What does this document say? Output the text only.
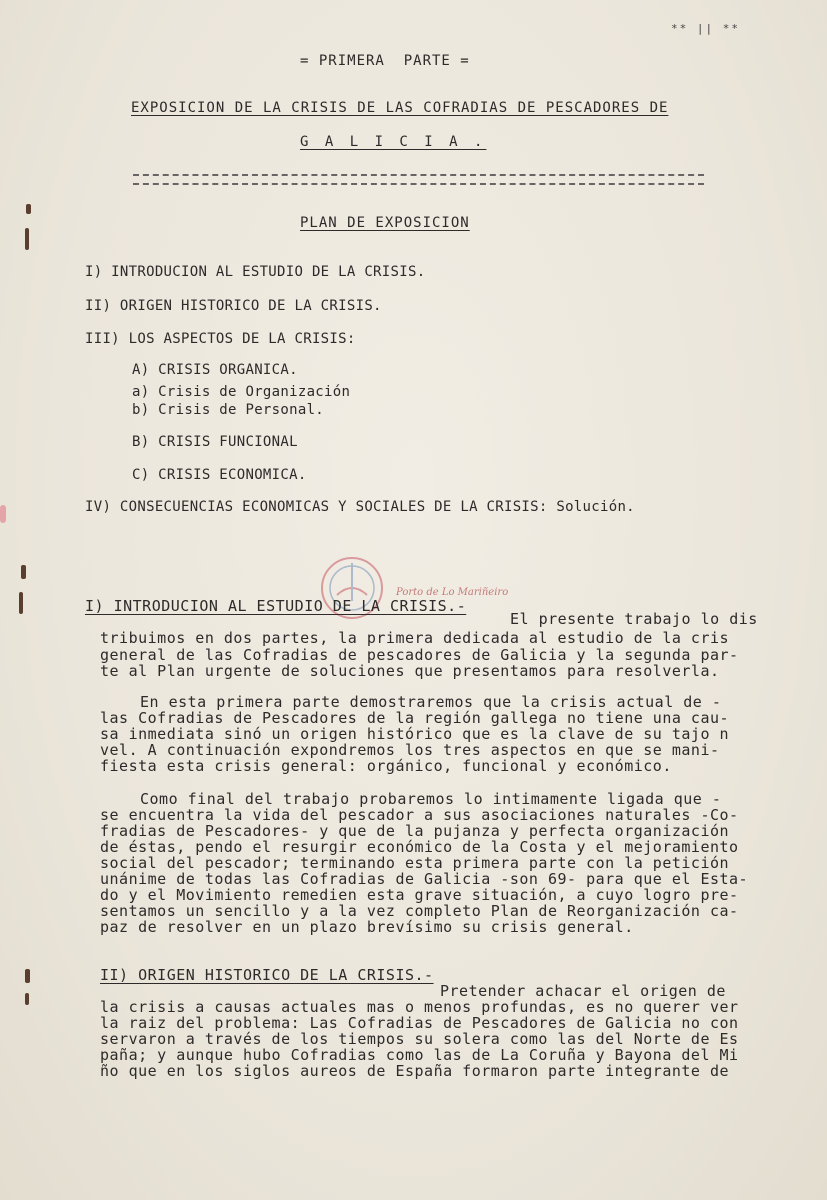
** || **
= PRIMERA  PARTE =
EXPOSICION DE LA CRISIS DE LAS COFRADIAS DE PESCADORES DE
G A L I C I A .
PLAN DE EXPOSICION
I) INTRODUCION AL ESTUDIO DE LA CRISIS.
II) ORIGEN HISTORICO DE LA CRISIS.
III) LOS ASPECTOS DE LA CRISIS:
A) CRISIS ORGANICA.
a) Crisis de Organización
b) Crisis de Personal.
B) CRISIS FUNCIONAL
C) CRISIS ECONOMICA.
IV) CONSECUENCIAS ECONOMICAS Y SOCIALES DE LA CRISIS: Solución.
Porto de Lo Mariñeiro
I) INTRODUCION AL ESTUDIO DE LA CRISIS.-
El presente trabajo lo dis
tribuimos en dos partes, la primera dedicada al estudio de la cris
general de las Cofradias de pescadores de Galicia y la segunda par-
te al Plan urgente de soluciones que presentamos para resolverla.
En esta primera parte demostraremos que la crisis actual de -
las Cofradias de Pescadores de la región gallega no tiene una cau-
sa inmediata sinó un origen histórico que es la clave de su tajo n
vel. A continuación expondremos los tres aspectos en que se mani-
fiesta esta crisis general: orgánico, funcional y económico.
Como final del trabajo probaremos lo intimamente ligada que -
se encuentra la vida del pescador a sus asociaciones naturales -Co-
fradias de Pescadores- y que de la pujanza y perfecta organización
de éstas, pendo el resurgir económico de la Costa y el mejoramiento
social del pescador; terminando esta primera parte con la petición
unánime de todas las Cofradias de Galicia -son 69- para que el Esta-
do y el Movimiento remedien esta grave situación, a cuyo logro pre-
sentamos un sencillo y a la vez completo Plan de Reorganización ca-
paz de resolver en un plazo brevísimo su crisis general.
II) ORIGEN HISTORICO DE LA CRISIS.-
Pretender achacar el origen de
la crisis a causas actuales mas o menos profundas, es no querer ver
la raiz del problema: Las Cofradias de Pescadores de Galicia no con
servaron a través de los tiempos su solera como las del Norte de Es
paña; y aunque hubo Cofradias como las de La Coruña y Bayona del Mi
ño que en los siglos aureos de España formaron parte integrante de
